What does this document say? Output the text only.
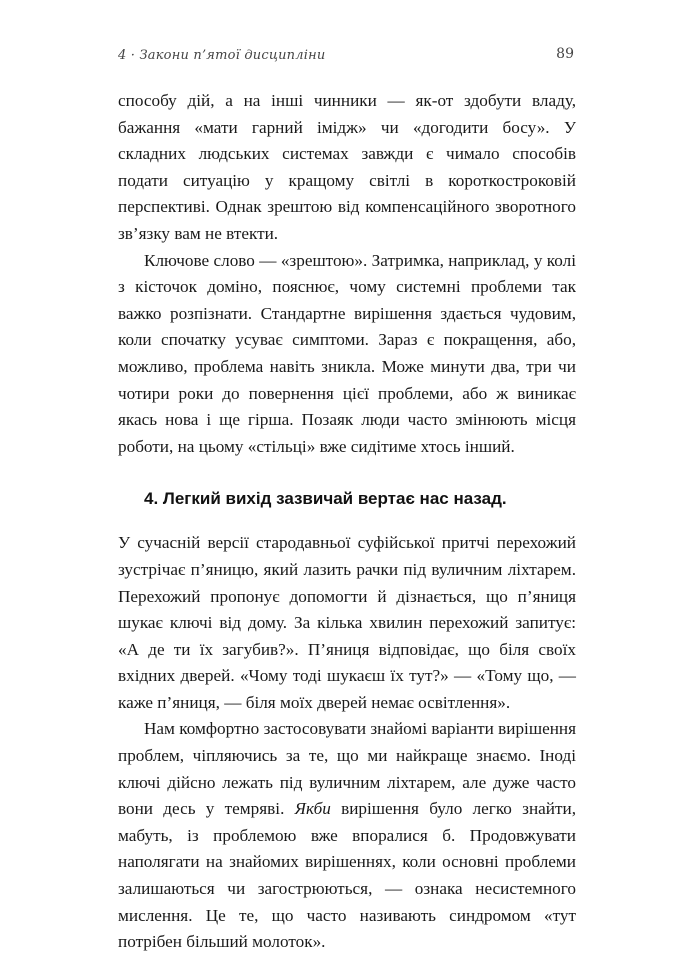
4 · Закони п’ятої дисципліни	89

способу дій, а на інші чинники — як-от здобути владу, бажання «мати гарний імідж» чи «догодити босу». У складних людських системах завжди є чимало способів подати ситуацію у кращому світлі в короткостроковій перспективі. Однак зрештою від компенсаційного зворотного зв’язку вам не втекти.

Ключове слово — «зрештою». Затримка, наприклад, у колі з кісточок доміно, пояснює, чому системні проблеми так важко розпізнати. Стандартне вирішення здається чудовим, коли спочатку усуває симптоми. Зараз є покращення, або, можливо, проблема навіть зникла. Може минути два, три чи чотири роки до повернення цієї проблеми, або ж виникає якась нова і ще гірша. Позаяк люди часто змінюють місця роботи, на цьому «стільці» вже сидітиме хтось інший.

4. Легкий вихід зазвичай вертає нас назад.

У сучасній версії стародавньої суфійської притчі перехожий зустрічає п’яницю, який лазить рачки під вуличним ліхтарем. Перехожий пропонує допомогти й дізнається, що п’яниця шукає ключі від дому. За кілька хвилин перехожий запитує: «А де ти їх загубив?». П’яниця відповідає, що біля своїх вхідних дверей. «Чому тоді шукаєш їх тут?» — «Тому що, — каже п’яниця, — біля моїх дверей немає освітлення».

Нам комфортно застосовувати знайомі варіанти вирішення проблем, чіпляючись за те, що ми найкраще знаємо. Іноді ключі дійсно лежать під вуличним ліхтарем, але дуже часто вони десь у темряві. Якби вирішення було легко знайти, мабуть, із проблемою вже впоралися б. Продовжувати наполягати на знайомих вирішеннях, коли основні проблеми залишаються чи загострюються, — ознака несистемного мислення. Це те, що часто називають синдромом «тут потрібен більший молоток».
